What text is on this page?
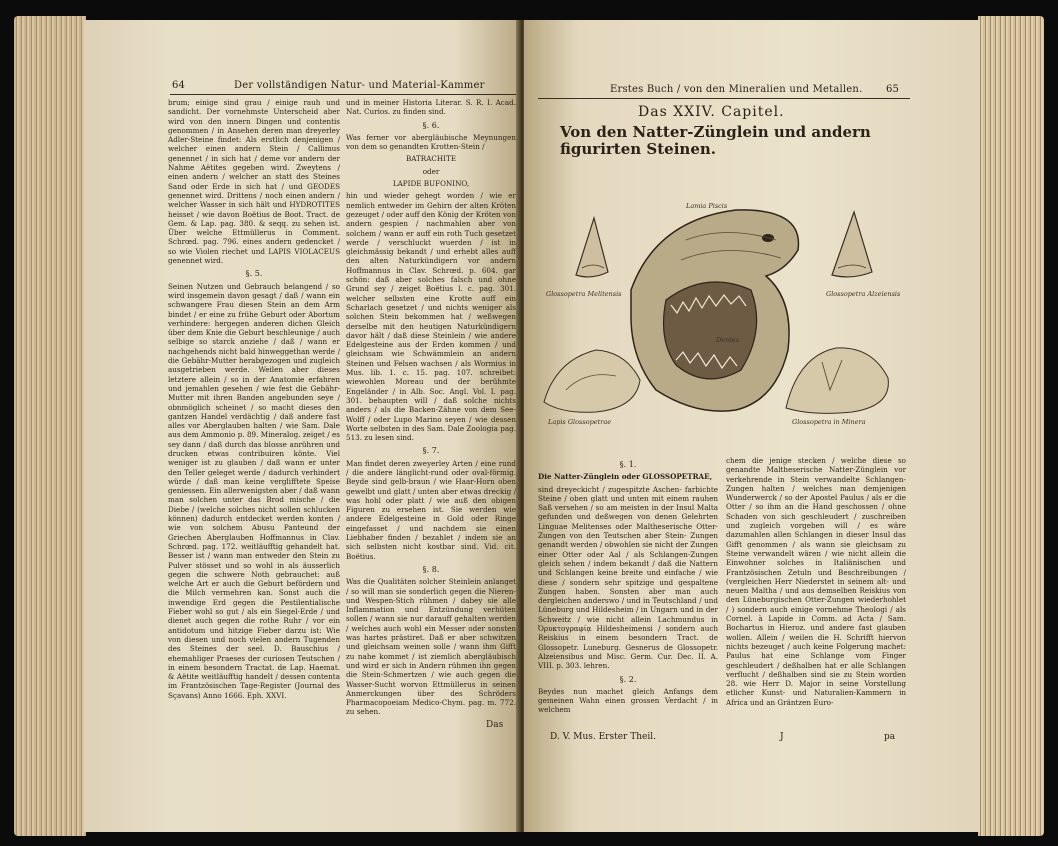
64	Der vollständigen Natur- und Material-Kammer

brum; einige sind grau / einige rauh und sandicht. Der vornehmste Unterscheid aber wird von den innern Dingen und contentis genommen / in Ansehen deren man dreyerley Adler-Steine findet: Als erstlich denjenigen / welcher einen andern Stein / Callimus genennet / in sich hat / deme vor andern der Nahme Aëtites gegeben wird. Zweytens / einen andern / welcher an statt des Steines Sand oder Erde in sich hat / und GEODES genennet wird. Drittens / noch einen andern / welcher Wasser in sich hält und HYDROTITES heisset / wie davon Boëtius de Boot. Tract. de Gem. & Lap. pag. 380. & seqq. zu sehen ist. Über welche Ettmüllerus in Comment. Schrœd. pag. 796. eines andern gedencket / so wie Violen riechet und LAPIS VIOLACEUS genennet wird.

§. 5.

Seinen Nutzen und Gebrauch belangend / so wird insgemein davon gesagt / daß / wann ein schwangere Frau diesen Stein an dem Arm bindet / er eine zu frühe Geburt oder Abortum verhindere: hergegen anderen dichen Gleich über dem Knie die Geburt beschleunige / auch selbige so starck anziehe / daß / wann er nachgehends nicht bald hinweggethan werde / die Gebähr-Mutter herabgezogen und zugleich ausgetrieben werde. Weilen aber dieses letztere allein / so in der Anatomie erfahren und jemahlen gesehen / wie fest die Gebähr-Mutter mit ihren Banden angebunden seye / obnmöglich scheinet / so macht dieses den gantzen Handel verdächtig / daß andere fast alles vor Aberglauben halten / wie Sam. Dale aus dem Ammonio p. 89. Mineralog. zeiget / es sey dann / daß durch das blosse anrühren und drucken etwas contribuiren könte. Viel weniger ist zu glauben / daß wann er unter den Teller geleget werde / dadurch verhindert würde / daß man keine verglifftete Speise geniessen. Ein allerwenigsten aber / daß wann man solchen unter das Brod mische / die Diebe / (welche solches nicht sollen schlucken können) dadurch entdecket werden konten / wie von solchem Abusu Panteund der Griechen Aberglauben Hoffmannus in Clav. Schrœd. pag. 172. weitläufftig gehandelt hat. Besser ist / wann man entweder den Stein zu Pulver stösset und so wohl in als äusserlich gegen die schwere Noth gebrauchet: auß welche Art er auch die Geburt befördern und die Milch vermehren kan. Sonst auch die inwendige Erd gegen die Pestilentialische Fieber wohl so gut / als ein Siegel-Erde / und dienet auch gegen die rothe Ruhr / vor ein antidotum und hitzige Fieber darzu ist: Wie von diesen und noch vielen andern Tugenden des Steines der seel. D. Bauschius / ehemahliger Praeses der curiosen Teutschen / in einem besondern Tractat. de Lap. Haemat. & Aëtite weitläufftig handelt / dessen contenta im Frantzösischen Tage-Register (Journal des Sçavans) Anno 1666. Eph. XXVI.

und in meiner Historia Literar. S. R. I. Acad. Nat. Curios. zu finden sind.

§. 6.

Was ferner vor abergläubische Meynungen von dem so genandten Krotten-Stein /

BATRACHITE

oder

LAPIDE BUFONINO,

hin und wieder gehegt worden / wie er nemlich entweder im Gehirn der alten Kröten gezeuget / oder auff den König der Kröten von andern gespien / nachmahlen aber von solchem / wann er auff ein roth Tuch gesetzet werde / verschluckt wuerden / ist in gleichmässig bekandt / und erhebt alles auff den alten Naturkündigern vor andern Hoffmannus in Clav. Schrœd. p. 604. gar schön: daß aber solches falsch und ohne Grund sey / zeiget Boëtius l. c. pag. 301. welcher selbsten eine Krotte auff ein Scharlach gesetzet / und nichts weniger als solchen Stein bekommen hat / weßwegen derselbe mit den heutigen Naturkündigern davor hält / daß diese Steinlein / wie andere Edelgesteine aus der Erden kommen / und gleichsam wie Schwämmlein an andern Steinen und Felsen wachsen / als Wormius in Mus. lib. 1. c. 15. pag. 107. schreibet: wiewohlen Moreau und der berühmte Engeländer / in Alb. Soc. Angl. Vol. I. pag. 301. behaupten will / daß solche nichts anders / als die Backen-Zähne von dem See-Wolff / oder Lupo Marino seyen / wie dessen Worte selbsten in des Sam. Dale Zoologia pag. 513. zu lesen sind.

§. 7.

Man findet deren zweyerley Arten / eine rund / die andere länglicht-rund oder oval-förmig. Beyde sind gelb-braun / wie Haar-Horn oben gewelbt und glatt / unten aber etwas dreckig / was hohl oder platt / wie auß den obigen Figuren zu ersehen ist. Sie werden wie andere Edelgesteine in Gold oder Ringe eingefasset / und nachdem sie einen Liebhaber finden / bezahlet / indem sie an sich selbsten nicht kostbar sind. Vid. cit. Boëtius.

§. 8.

Was die Qualitäten solcher Steinlein anlanget / so will man sie sonderlich gegen die Nieren- und Wespen-Stich rühmen / dabey sie alle Inflammation und Entzündung verhüten sollen / wann sie nur darauff gehalten werden / welches auch wohl ein Messer oder sonsten was hartes prästiret. Daß er aber schwitzen und gleichsam weinen solle / wann ihm Gifft zu nahe kommet / ist ziemlich abergläubisch und wird er sich in Andern rühmen ihn gegen die Stein-Schmertzen / wie auch gegen die Wasser-Sucht worvon Ettmüllerus in seinen Anmerckungen über des Schröders Pharmacopoeiam Medico-Chym. pag. m. 772. zu sehen.

Das
Erstes Buch / von den Mineralien und Metallen. 65
Das XXIV. Capitel.
Von den Natter-Zünglein und andern figurirten Steinen.
Lamia Piscis
Glossopetra Melitensis	Glossopetra Alzeiensis
Dentes
Lapis Glossopetrae	Glossopetra in Minera
§. 1.

Die Natter-Zünglein oder GLOSSOPETRAE,

sind dreyeckicht / zugespitzte Aschen- farbichte Steine / oben glatt und unten mit einem rauhen Saß versehen / so am meisten in der Insul Malta gefunden und deßwegen von denen Gelehrten Linguae Melitenses oder Maltheserische Otter- Zungen von den Teutschen aber Stein- Zungen genandt werden / obwohlen sie nicht der Zungen einer Otter oder Aal / als Schlangen-Zungen gleich sehen / indem bekandt / daß die Nattern und Schlangen keine breite und einfache / wie diese / sondern sehr spitzige und gespaltene Zungen haben. Sonsten aber man auch dergleichen anderswo / und in Teutschland / und Lüneburg und Hildesheim / in Ungarn und in der Schweitz / wie nicht allein Lachmundus in Ὀρυκτογραφίᾳ Hildesheimensi / sondern auch Reiskius in einem besondern Tract. de Glossopetr. Luneburg. Gesnerus de Glossopetr. Alzeiensibus und Misc. Germ. Cur. Dec. II. A. VIII. p. 303. lehren.

§. 2.

Beydes nun machet gleich Anfangs dem gemeinen Wahn einen grossen Verdacht / in welchem

chem die jenige stecken / welche diese so genandte Maltheserische Natter-Zünglein vor verkehrende in Stein verwandelte Schlangen-Zungen halten / welches man demjenigen Wunderwerck / so der Apostel Paulus / als er die Otter / so ihm an die Hand geschossen / ohne Schaden von sich geschleudert / zuschreiben und zugleich vorgeben will / es wäre dazumahlen allen Schlangen in dieser Insul das Gifft genommen / als wann sie gleichsam zu Steine verwandelt wären / wie nicht allein die Einwohner solches in Italiänischen und Frantzösischen Zetuln und Beschreibungen / (vergleichen Herr Niederstet in seinem alt- und neuen Maltha / und aus demselben Reiskius von den Lüneburgischen Otter-Zungen wiederhohlet / ) sondern auch einige vornehme Theologi / als Cornel. à Lapide in Comm. ad Acta / Sam. Bochartus in Hieroz. und andere fast glauben wollen. Allein / weilen die H. Schrifft hiervon nichts bezeuget / auch keine Folgerung machet: Paulus hat eine Schlange vom Finger geschleudert / deßhalben hat er alle Schlangen verflucht / deßhalben sind sie zu Stein worden 28. wie Herr D. Major in seine Vorstellung etlicher Kunst- und Naturalien-Kammern in Africa und an Gräntzen Euro-

D. V. Mus. Erster Theil.	J	pa
